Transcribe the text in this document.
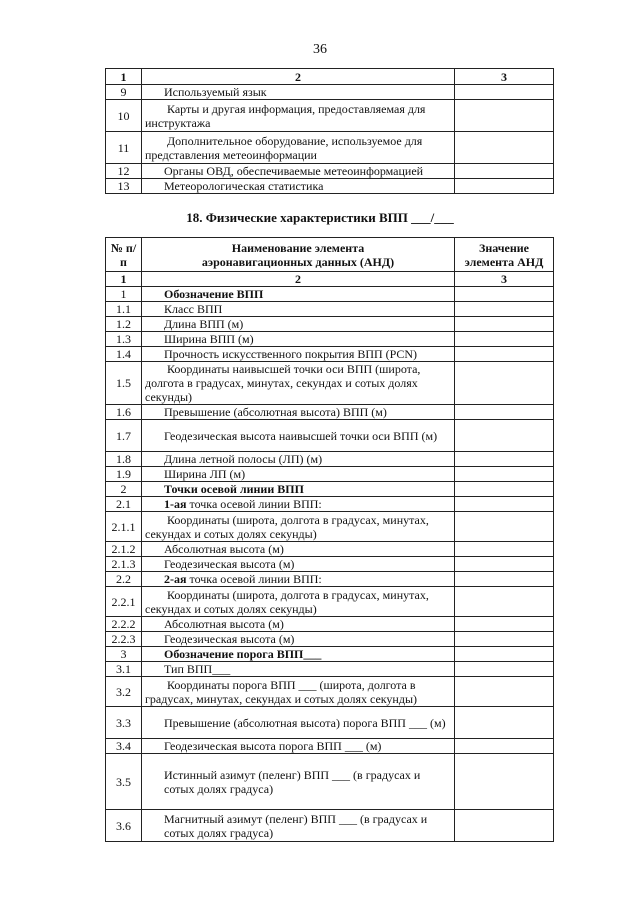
36
1	2	3
9	Используемый язык	
10	Карты и другая информация, предоставляемая для инструктажа	
11	Дополнительное оборудование, используемое для представления метеоинформации	
12	Органы ОВД, обеспечиваемые метеоинформацией	
13	Метеорологическая статистика	
18. Физические характеристики ВПП ___/___
№ п/п	Наименование элемента аэронавигационных данных (АНД)	Значение элемента АНД
1	2	3
1	Обозначение ВПП	
1.1	Класс ВПП	
1.2	Длина ВПП (м)	
1.3	Ширина ВПП (м)	
1.4	Прочность искусственного покрытия ВПП (PCN)	
1.5	Координаты наивысшей точки оси ВПП (широта, долгота в градусах, минутах, секундах и сотых долях секунды)	
1.6	Превышение (абсолютная высота) ВПП (м)	
1.7	Геодезическая высота наивысшей точки оси ВПП (м)	
1.8	Длина летной полосы (ЛП) (м)	
1.9	Ширина ЛП (м)	
2	Точки осевой линии ВПП	
2.1	1-ая точка осевой линии ВПП:	
2.1.1	Координаты (широта, долгота в градусах, минутах, секундах и сотых долях секунды)	
2.1.2	Абсолютная высота (м)	
2.1.3	Геодезическая высота (м)	
2.2	2-ая точка осевой линии ВПП:	
2.2.1	Координаты (широта, долгота в градусах, минутах, секундах и сотых долях секунды)	
2.2.2	Абсолютная высота (м)	
2.2.3	Геодезическая высота (м)	
3	Обозначение порога ВПП___	
3.1	Тип ВПП___	
3.2	Координаты порога ВПП ___ (широта, долгота в градусах, минутах, секундах и сотых долях секунды)	
3.3	Превышение (абсолютная высота) порога ВПП ___ (м)	
3.4	Геодезическая высота порога ВПП ___ (м)	
3.5	Истинный азимут (пеленг) ВПП ___ (в градусах и сотых долях градуса)	
3.6	Магнитный азимут (пеленг) ВПП ___ (в градусах и сотых долях градуса)	
